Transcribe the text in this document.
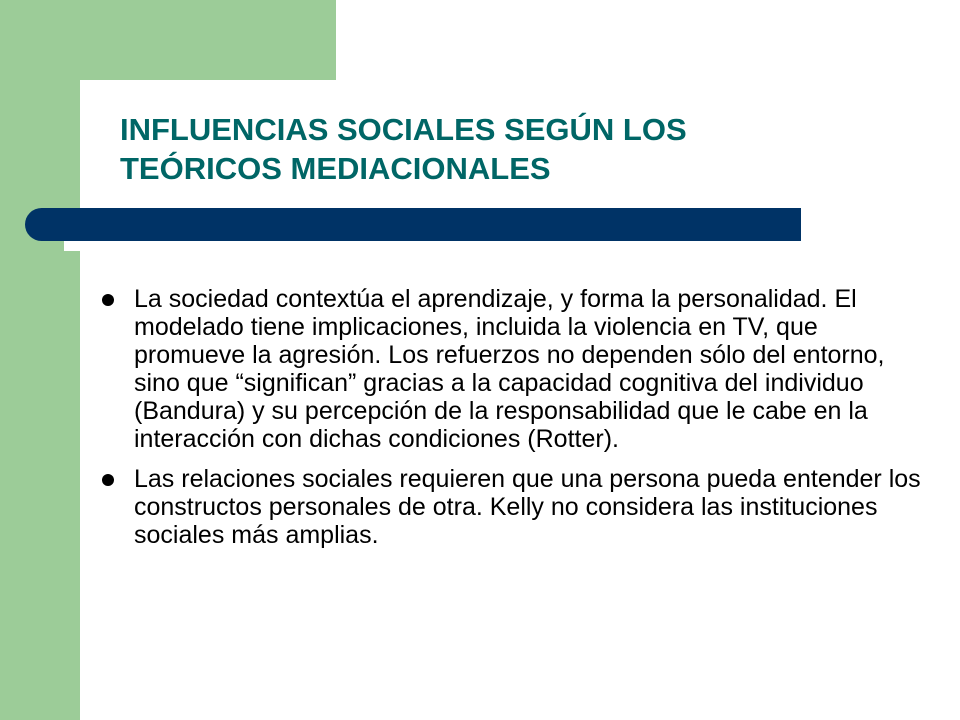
INFLUENCIAS SOCIALES SEGÚN LOS
TEÓRICOS MEDIACIONALES
La sociedad contextúa el aprendizaje, y forma la personalidad. El modelado tiene implicaciones, incluida la violencia en TV, que promueve la agresión. Los refuerzos no dependen sólo del entorno, sino que “significan” gracias a la capacidad cognitiva del individuo (Bandura) y su percepción de la responsabilidad que le cabe en la interacción con dichas condiciones (Rotter).
Las relaciones sociales requieren que una persona pueda entender los constructos personales de otra. Kelly no considera las instituciones sociales más amplias.
